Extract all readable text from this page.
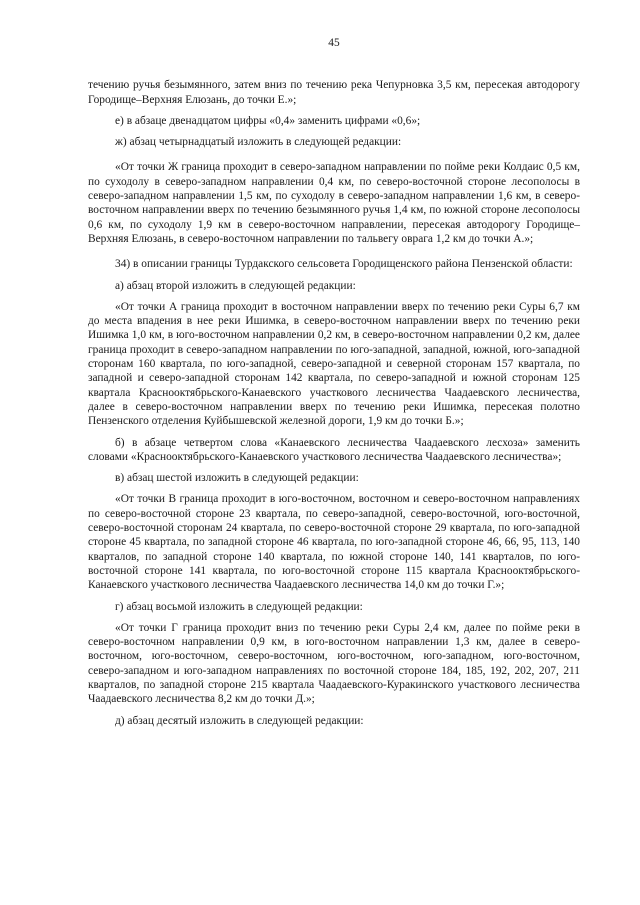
45

течению ручья безымянного, затем вниз по течению река Чепурновка 3,5 км, пересекая автодорогу Городище–Верхняя Елюзань, до точки Е.»;

е) в абзаце двенадцатом цифры «0,4» заменить цифрами «0,6»;

ж) абзац четырнадцатый изложить в следующей редакции:

«От точки Ж граница проходит в северо-западном направлении по пойме реки Колдаис 0,5 км, по суходолу в северо-западном направлении 0,4 км, по северо-восточной стороне лесополосы в северо-западном направлении 1,5 км, по суходолу в северо-западном направлении 1,6 км, в северо-восточном направлении вверх по течению безымянного ручья 1,4 км, по южной стороне лесополосы 0,6 км, по суходолу 1,9 км в северо-восточном направлении, пересекая автодорогу Городище–Верхняя Елюзань, в северо-восточном направлении по тальвегу оврага 1,2 км до точки А.»;

34) в описании границы Турдакского сельсовета Городищенского района Пензенской области:

а) абзац второй изложить в следующей редакции:

«От точки А граница проходит в восточном направлении вверх по течению реки Суры 6,7 км до места впадения в нее реки Ишимка, в северо-восточном направлении вверх по течению реки Ишимка 1,0 км, в юго-восточном направлении 0,2 км, в северо-восточном направлении 0,2 км, далее граница проходит в северо-западном направлении по юго-западной, западной, южной, юго-западной сторонам 160 квартала, по юго-западной, северо-западной и северной сторонам 157 квартала, по западной и северо-западной сторонам 142 квартала, по северо-западной и южной сторонам 125 квартала Краснооктябрьского-Канаевского участкового лесничества Чаадаевского лесничества, далее в северо-восточном направлении вверх по течению реки Ишимка, пересекая полотно Пензенского отделения Куйбышевской железной дороги, 1,9 км до точки Б.»;

б) в абзаце четвертом слова «Канаевского лесничества Чаадаевского лесхоза» заменить словами «Краснооктябрьского-Канаевского участкового лесничества Чаадаевского лесничества»;

в) абзац шестой изложить в следующей редакции:

«От точки В граница проходит в юго-восточном, восточном и северо-восточном направлениях по северо-восточной стороне 23 квартала, по северо-западной, северо-восточной, юго-восточной, северо-восточной сторонам 24 квартала, по северо-восточной стороне 29 квартала, по юго-западной стороне 45 квартала, по западной стороне 46 квартала, по юго-западной стороне 46, 66, 95, 113, 140 кварталов, по западной стороне 140 квартала, по южной стороне 140, 141 кварталов, по юго-восточной стороне 141 квартала, по юго-восточной стороне 115 квартала Краснооктябрьского-Канаевского участкового лесничества Чаадаевского лесничества 14,0 км до точки Г.»;

г) абзац восьмой изложить в следующей редакции:

«От точки Г граница проходит вниз по течению реки Суры 2,4 км, далее по пойме реки в северо-восточном направлении 0,9 км, в юго-восточном направлении 1,3 км, далее в северо-восточном, юго-восточном, северо-восточном, юго-восточном, юго-западном, юго-восточном, северо-западном и юго-западном направлениях по восточной стороне 184, 185, 192, 202, 207, 211 кварталов, по западной стороне 215 квартала Чаадаевского-Куракинского участкового лесничества Чаадаевского лесничества 8,2 км до точки Д.»;

д) абзац десятый изложить в следующей редакции:
